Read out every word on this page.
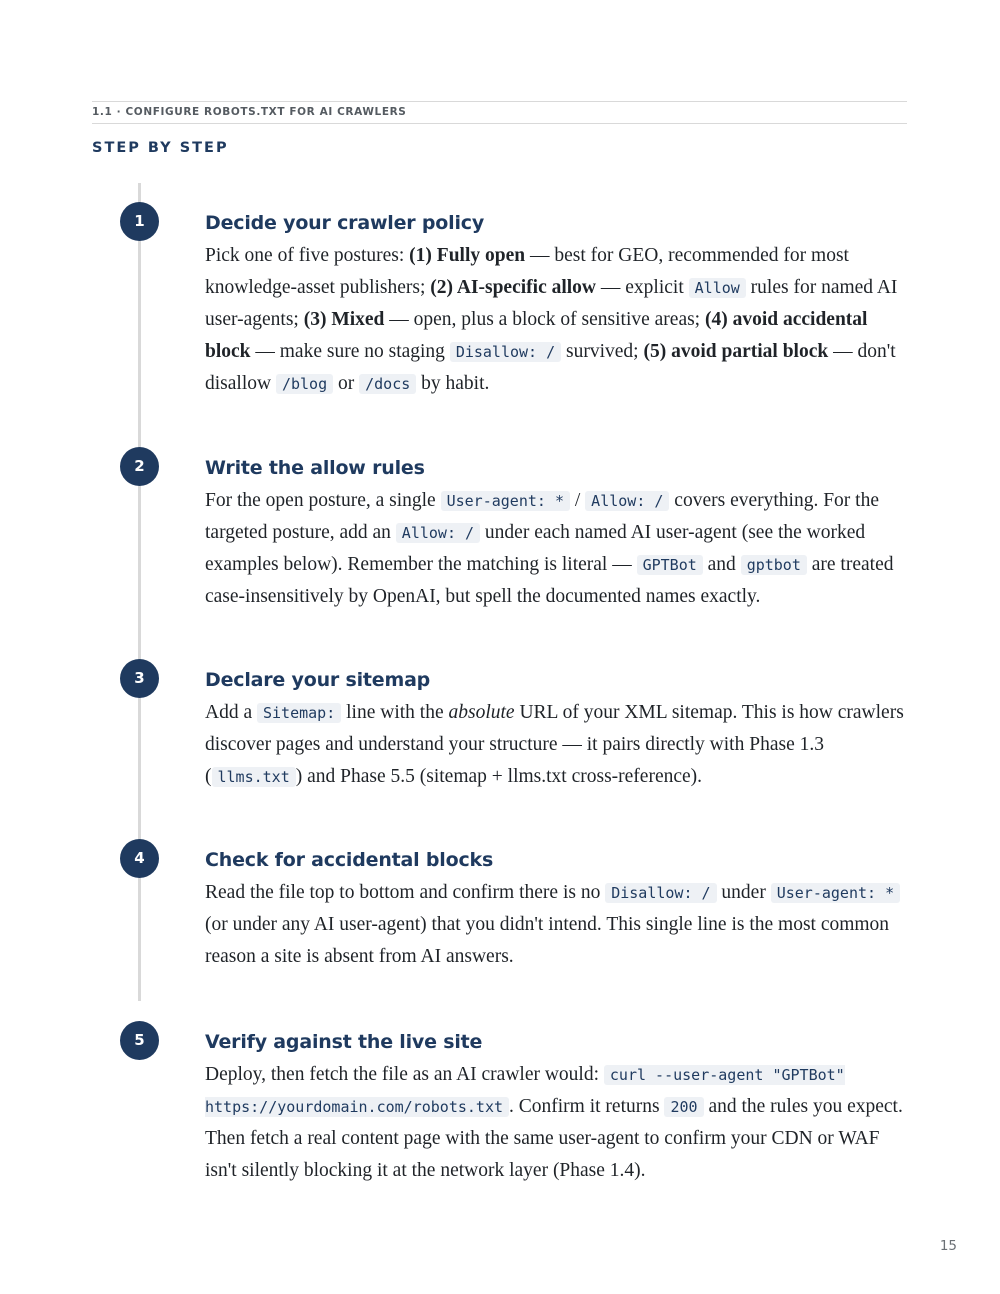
1.1 · CONFIGURE ROBOTS.TXT FOR AI CRAWLERS
STEP BY STEP
1	Decide your crawler policy
Pick one of five postures: (1) Fully open — best for GEO, recommended for most knowledge-asset publishers; (2) AI-specific allow — explicit Allow rules for named AI user-agents; (3) Mixed — open, plus a block of sensitive areas; (4) avoid accidental block — make sure no staging Disallow: / survived; (5) avoid partial block — don't disallow /blog or /docs by habit.
2	Write the allow rules
For the open posture, a single User-agent: * / Allow: / covers everything. For the targeted posture, add an Allow: / under each named AI user-agent (see the worked examples below). Remember the matching is literal — GPTBot and gptbot are treated case-insensitively by OpenAI, but spell the documented names exactly.
3	Declare your sitemap
Add a Sitemap: line with the absolute URL of your XML sitemap. This is how crawlers discover pages and understand your structure — it pairs directly with Phase 1.3 ( llms.txt ) and Phase 5.5 (sitemap + llms.txt cross-reference).
4	Check for accidental blocks
Read the file top to bottom and confirm there is no Disallow: / under User-agent: * (or under any AI user-agent) that you didn't intend. This single line is the most common reason a site is absent from AI answers.
5	Verify against the live site
Deploy, then fetch the file as an AI crawler would: curl --user-agent "GPTBot" https://yourdomain.com/robots.txt . Confirm it returns 200 and the rules you expect. Then fetch a real content page with the same user-agent to confirm your CDN or WAF isn't silently blocking it at the network layer (Phase 1.4).
15
